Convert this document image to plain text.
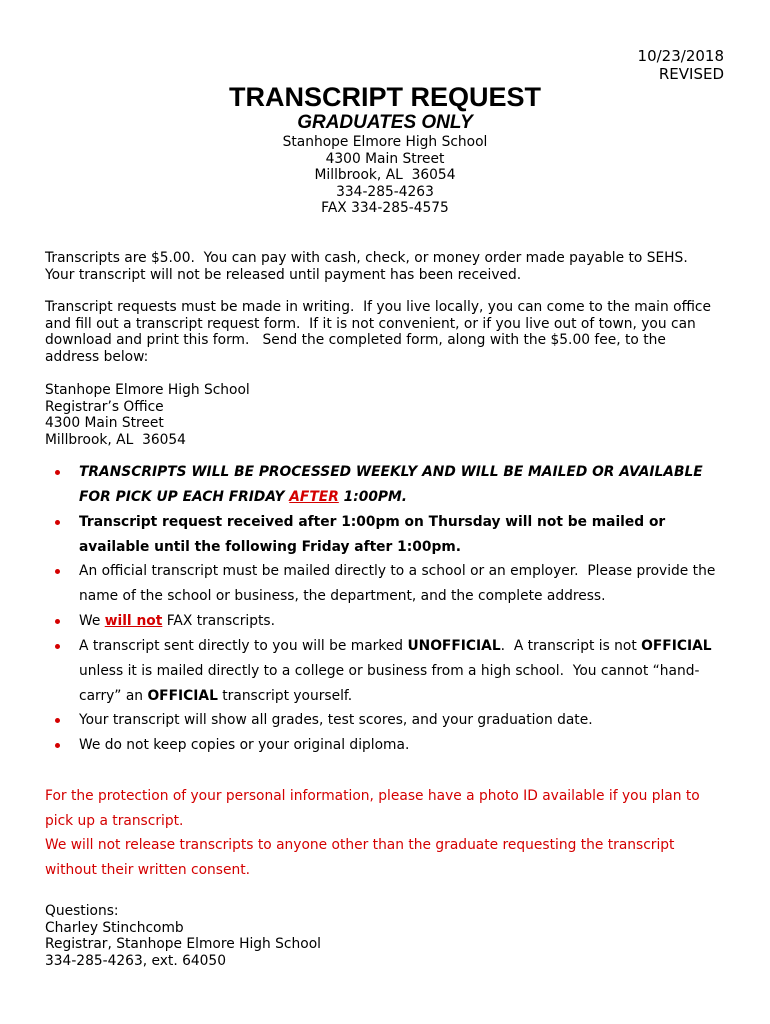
10/23/2018
REVISED
TRANSCRIPT REQUEST
GRADUATES ONLY
Stanhope Elmore High School
4300 Main Street
Millbrook, AL  36054
334-285-4263
FAX 334-285-4575
Transcripts are $5.00.  You can pay with cash, check, or money order made payable to SEHS.
Your transcript will not be released until payment has been received.
Transcript requests must be made in writing.  If you live locally, you can come to the main office
and fill out a transcript request form.  If it is not convenient, or if you live out of town, you can
download and print this form.   Send the completed form, along with the $5.00 fee, to the
address below:
Stanhope Elmore High School
Registrar’s Office
4300 Main Street
Millbrook, AL  36054
TRANSCRIPTS WILL BE PROCESSED WEEKLY AND WILL BE MAILED OR AVAILABLE
FOR PICK UP EACH FRIDAY AFTER 1:00PM.
Transcript request received after 1:00pm on Thursday will not be mailed or
available until the following Friday after 1:00pm.
An official transcript must be mailed directly to a school or an employer.  Please provide the
name of the school or business, the department, and the complete address.
We will not FAX transcripts.
A transcript sent directly to you will be marked UNOFFICIAL .  A transcript is not OFFICIAL
unless it is mailed directly to a college or business from a high school.  You cannot “hand-
carry” an OFFICIAL transcript yourself.
Your transcript will show all grades, test scores, and your graduation date.
We do not keep copies or your original diploma.
For the protection of your personal information, please have a photo ID available if you plan to
pick up a transcript.
We will not release transcripts to anyone other than the graduate requesting the transcript
without their written consent.
Questions:
Charley Stinchcomb
Registrar, Stanhope Elmore High School
334-285-4263, ext. 64050
